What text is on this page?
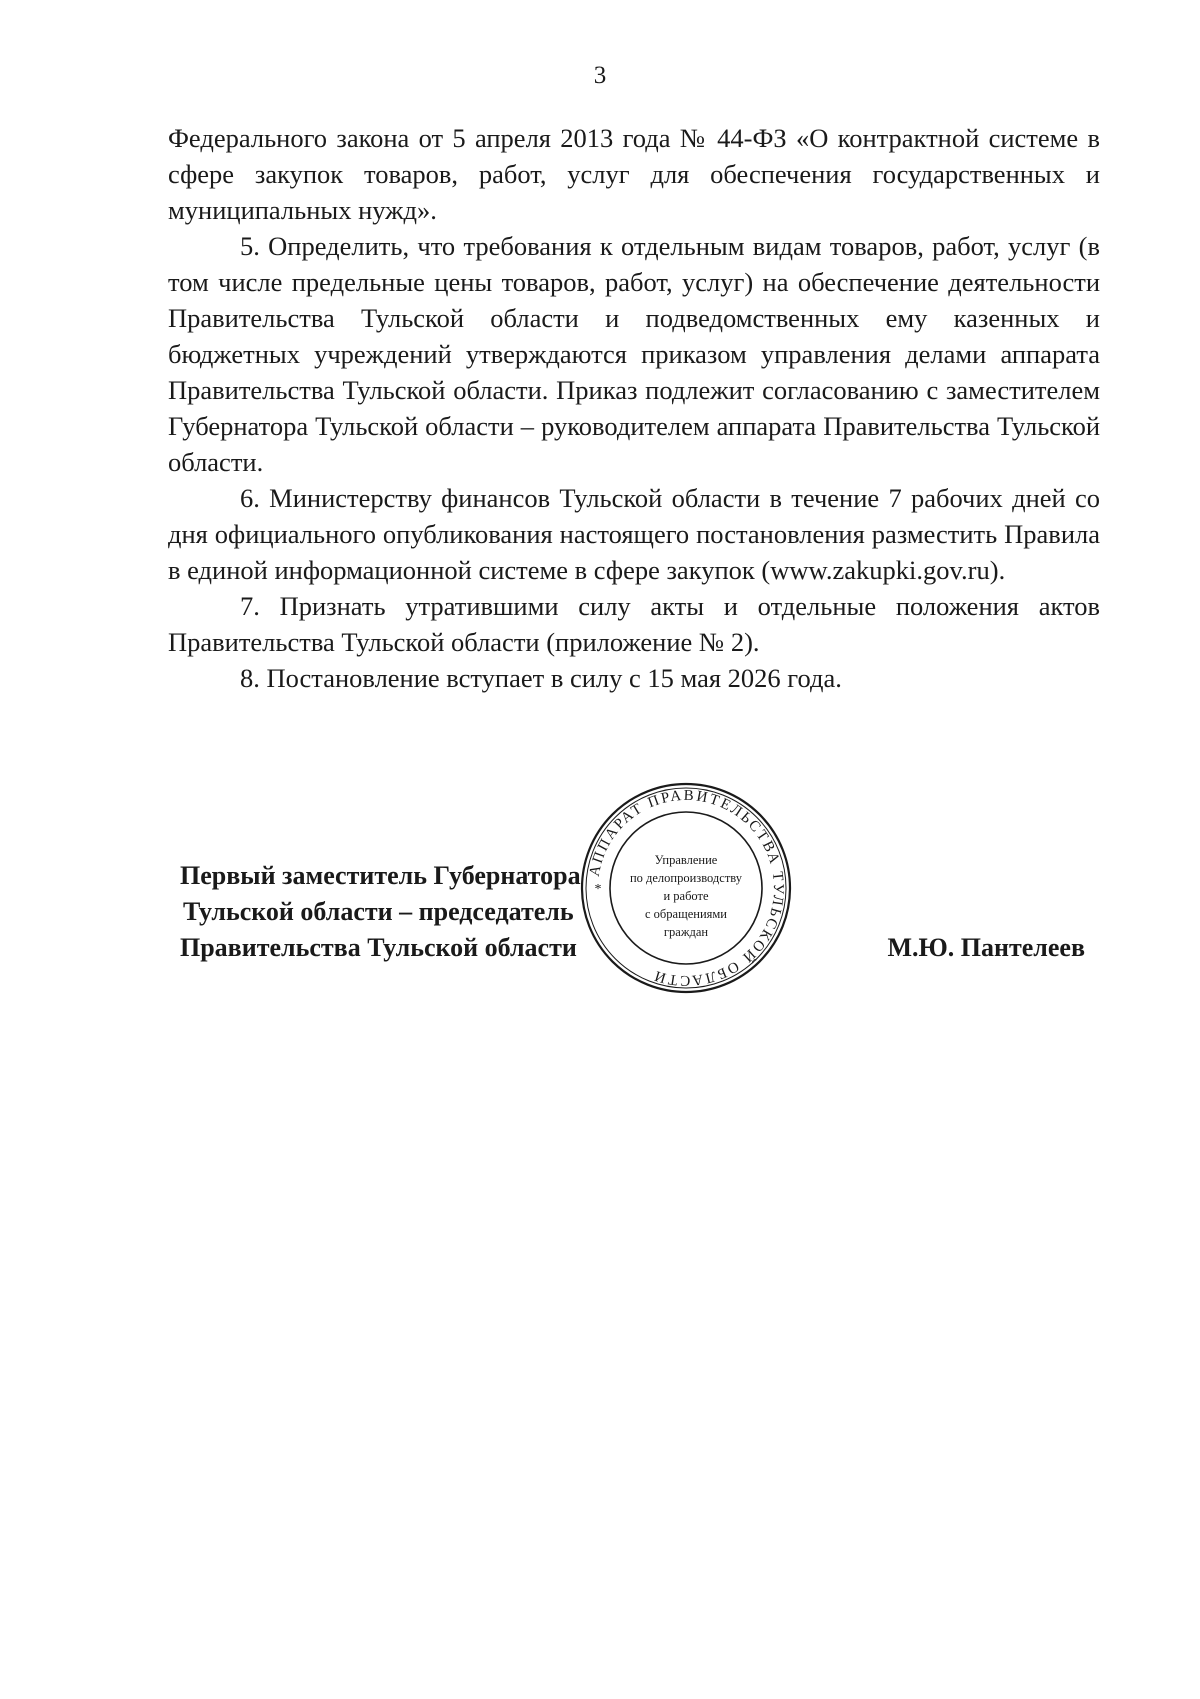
3

Федерального закона от 5 апреля 2013 года № 44-ФЗ «О контрактной системе в сфере закупок товаров, работ, услуг для обеспечения государственных и муниципальных нужд».

5. Определить, что требования к отдельным видам товаров, работ, услуг (в том числе предельные цены товаров, работ, услуг) на обеспечение деятельности Правительства Тульской области и подведомственных ему казенных и бюджетных учреждений утверждаются приказом управления делами аппарата Правительства Тульской области. Приказ подлежит согласованию с заместителем Губернатора Тульской области – руководителем аппарата Правительства Тульской области.

6. Министерству финансов Тульской области в течение 7 рабочих дней со дня официального опубликования настоящего постановления разместить Правила в единой информационной системе в сфере закупок (www.zakupki.gov.ru).

7. Признать утратившими силу акты и отдельные положения актов Правительства Тульской области (приложение № 2).

8. Постановление вступает в силу с 15 мая 2026 года.

Первый заместитель Губернатора
Тульской области – председатель
Правительства Тульской области	М.Ю. Пантелеев
АППАРАТ ПРАВИТЕЛЬСТВА ТУЛЬСКОЙ ОБЛАСТИ
*
Управление
по делопроизводству
и работе
с обращениями
граждан
